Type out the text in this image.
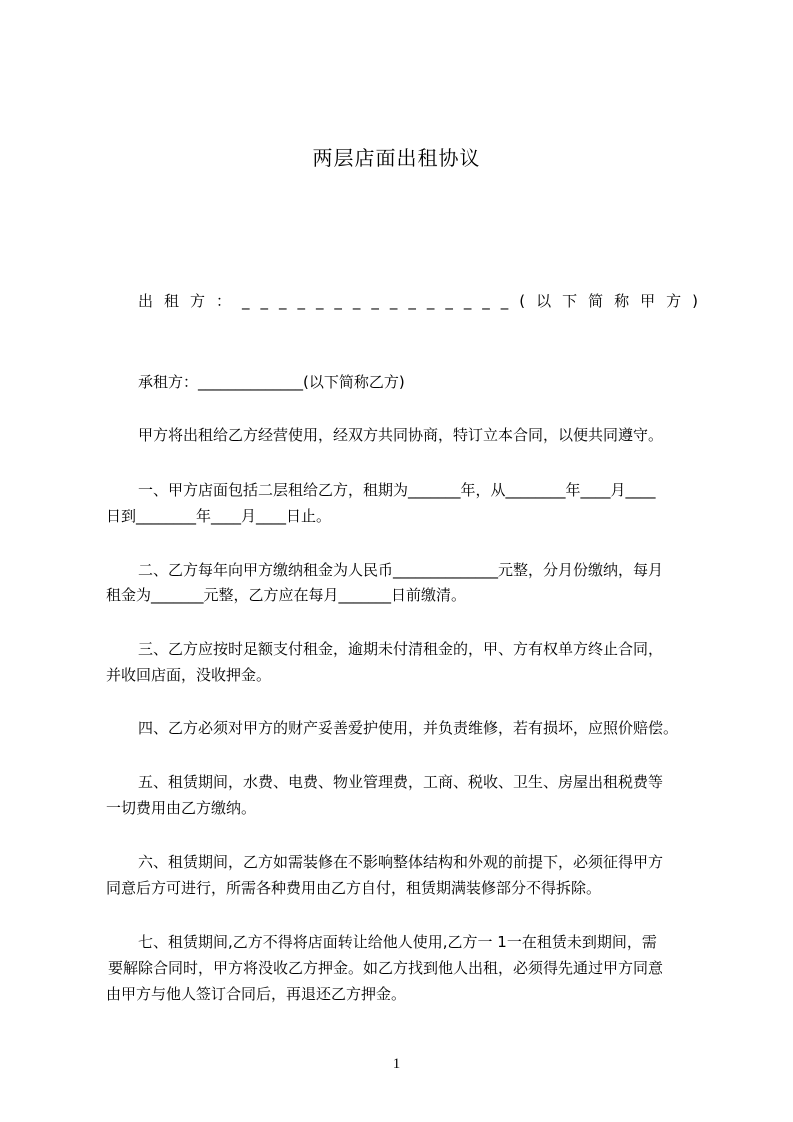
两层店面出租协议
出 租 方 ： _ _ _ _ _ _ _ _ _ _ _ _ _ _ _ ( 以 下 简 称 甲 方 )
承租方：______________(以下简称乙方)
甲方将出租给乙方经营使用，经双方共同协商，特订立本合同，以便共同遵守。
一、甲方店面包括二层租给乙方，租期为_______年，从________年____月____
日到________年____月____日止。
二、乙方每年向甲方缴纳租金为人民币______________元整，分月份缴纳，每月
租金为_______元整，乙方应在每月_______日前缴清。
三、乙方应按时足额支付租金，逾期未付清租金的，甲、方有权单方终止合同，
并收回店面，没收押金。
四、乙方必须对甲方的财产妥善爱护使用，并负责维修，若有损坏，应照价赔偿。
五、租赁期间，水费、电费、物业管理费，工商、税收、卫生、房屋出租税费等
一切费用由乙方缴纳。
六、租赁期间，乙方如需装修在不影响整体结构和外观的前提下，必须征得甲方
同意后方可进行，所需各种费用由乙方自付，租赁期满装修部分不得拆除。
七、租赁期间,乙方不得将店面转让给他人使用,乙方一 1一在租赁未到期间，需
要解除合同时，甲方将没收乙方押金。如乙方找到他人出租，必须得先通过甲方同意
由甲方与他人签订合同后，再退还乙方押金。
1
